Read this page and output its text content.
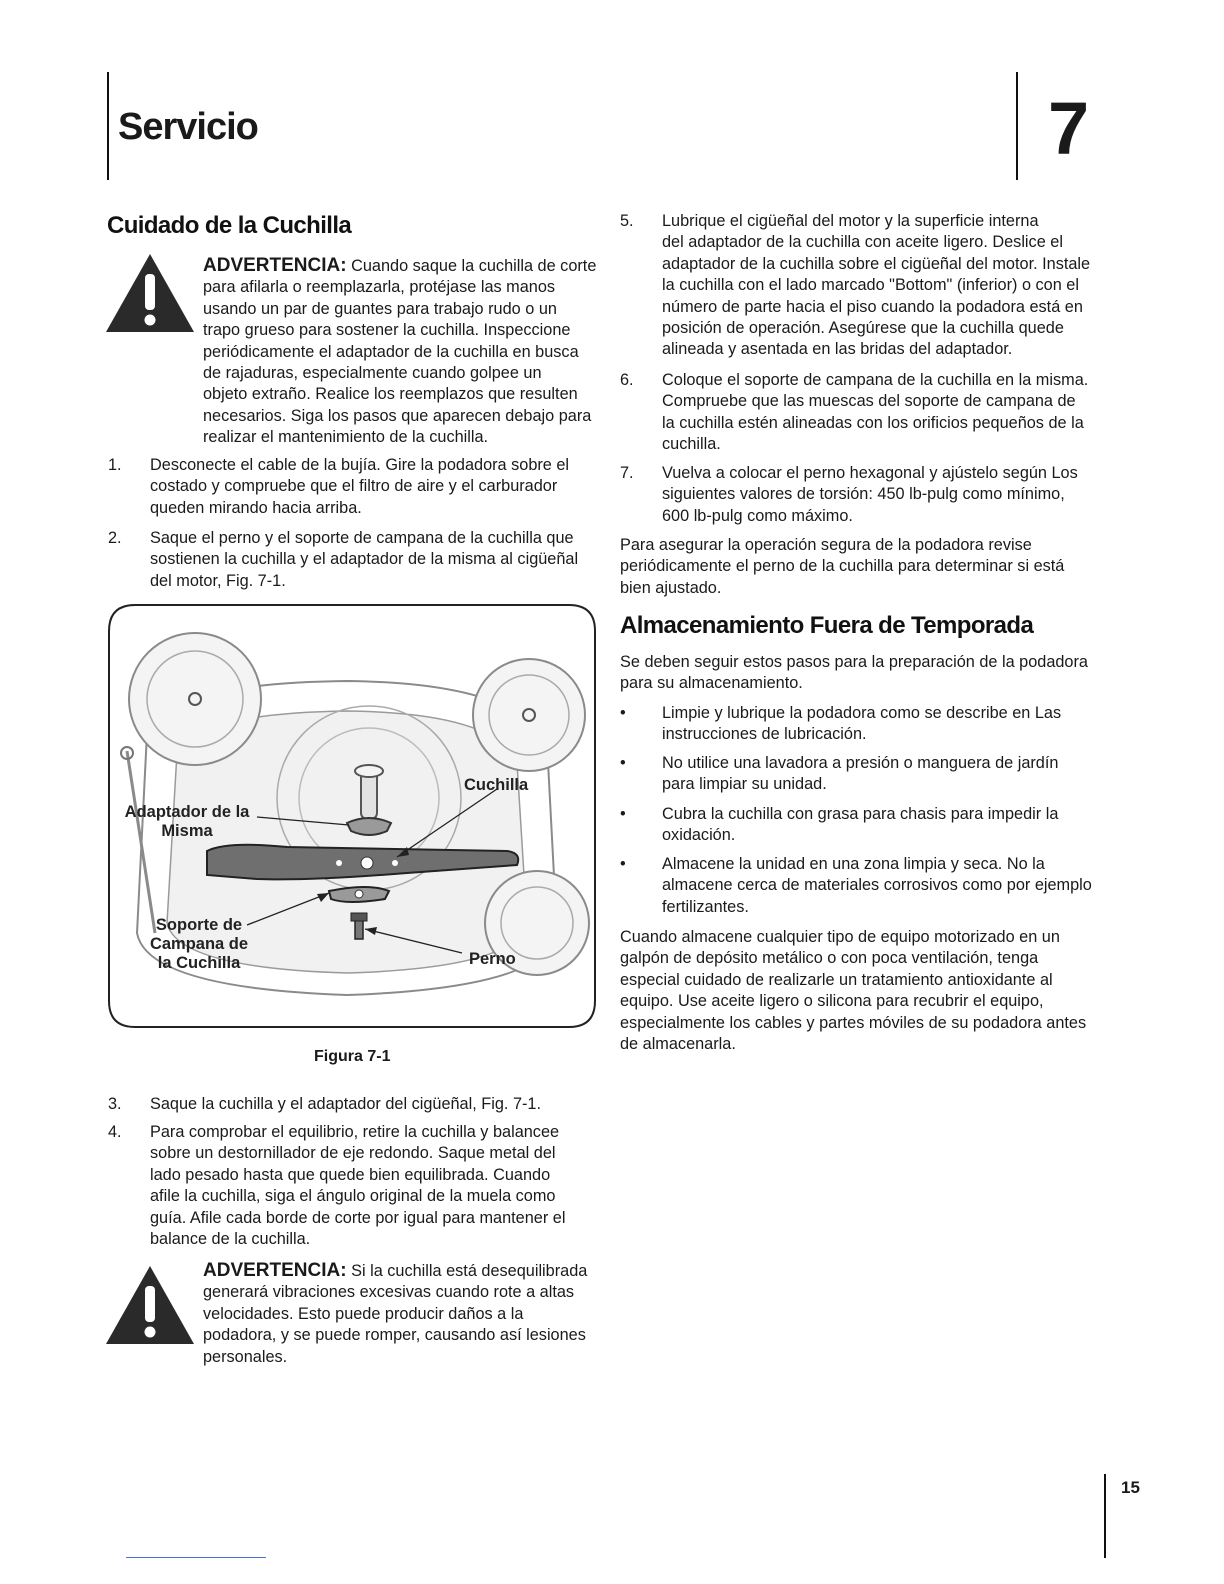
Servicio	7
Cuidado de la Cuchilla
ADVERTENCIA: Cuando saque la cuchilla de corte
para afilarla o reemplazarla, protéjase las manos
usando un par de guantes para trabajo rudo o un
trapo grueso para sostener la cuchilla. Inspeccione
periódicamente el adaptador de la cuchilla en busca
de rajaduras, especialmente cuando golpee un
objeto extraño. Realice los reemplazos que resulten
necesarios. Siga los pasos que aparecen debajo para
realizar el mantenimiento de la cuchilla.
1. Desconecte el cable de la bujía. Gire la podadora sobre el
costado y compruebe que el filtro de aire y el carburador
queden mirando hacia arriba.
2. Saque el perno y el soporte de campana de la cuchilla que
sostienen la cuchilla y el adaptador de la misma al cigüeñal
del motor, Fig. 7-1.
Adaptador de la
Misma
Cuchilla
Soporte de
Campana de
la Cuchilla	Perno
Figura 7-1
3. Saque la cuchilla y el adaptador del cigüeñal, Fig. 7-1.
4. Para comprobar el equilibrio, retire la cuchilla y balancee
sobre un destornillador de eje redondo. Saque metal del
lado pesado hasta que quede bien equilibrada. Cuando
afile la cuchilla, siga el ángulo original de la muela como
guía. Afile cada borde de corte por igual para mantener el
balance de la cuchilla.
ADVERTENCIA: Si la cuchilla está desequilibrada
generará vibraciones excesivas cuando rote a altas
velocidades. Esto puede producir daños a la
podadora, y se puede romper, causando así lesiones
personales.
5. Lubrique el cigüeñal del motor y la superficie interna
del adaptador de la cuchilla con aceite ligero. Deslice el
adaptador de la cuchilla sobre el cigüeñal del motor. Instale
la cuchilla con el lado marcado "Bottom" (inferior) o con el
número de parte hacia el piso cuando la podadora está en
posición de operación. Asegúrese que la cuchilla quede
alineada y asentada en las bridas del adaptador.
6. Coloque el soporte de campana de la cuchilla en la misma.
Compruebe que las muescas del soporte de campana de
la cuchilla estén alineadas con los orificios pequeños de la
cuchilla.
7. Vuelva a colocar el perno hexagonal y ajústelo según Los
siguientes valores de torsión: 450 lb-pulg como mínimo,
600 lb-pulg como máximo.
Para asegurar la operación segura de la podadora revise
periódicamente el perno de la cuchilla para determinar si está
bien ajustado.
Almacenamiento Fuera de Temporada
Se deben seguir estos pasos para la preparación de la podadora
para su almacenamiento.
• Limpie y lubrique la podadora como se describe en Las
instrucciones de lubricación.
• No utilice una lavadora a presión o manguera de jardín
para limpiar su unidad.
• Cubra la cuchilla con grasa para chasis para impedir la
oxidación.
• Almacene la unidad en una zona limpia y seca. No la
almacene cerca de materiales corrosivos como por ejemplo
fertilizantes.
Cuando almacene cualquier tipo de equipo motorizado en un
galpón de depósito metálico o con poca ventilación, tenga
especial cuidado de realizarle un tratamiento antioxidante al
equipo. Use aceite ligero o silicona para recubrir el equipo,
especialmente los cables y partes móviles de su podadora antes
de almacenarla.
15
